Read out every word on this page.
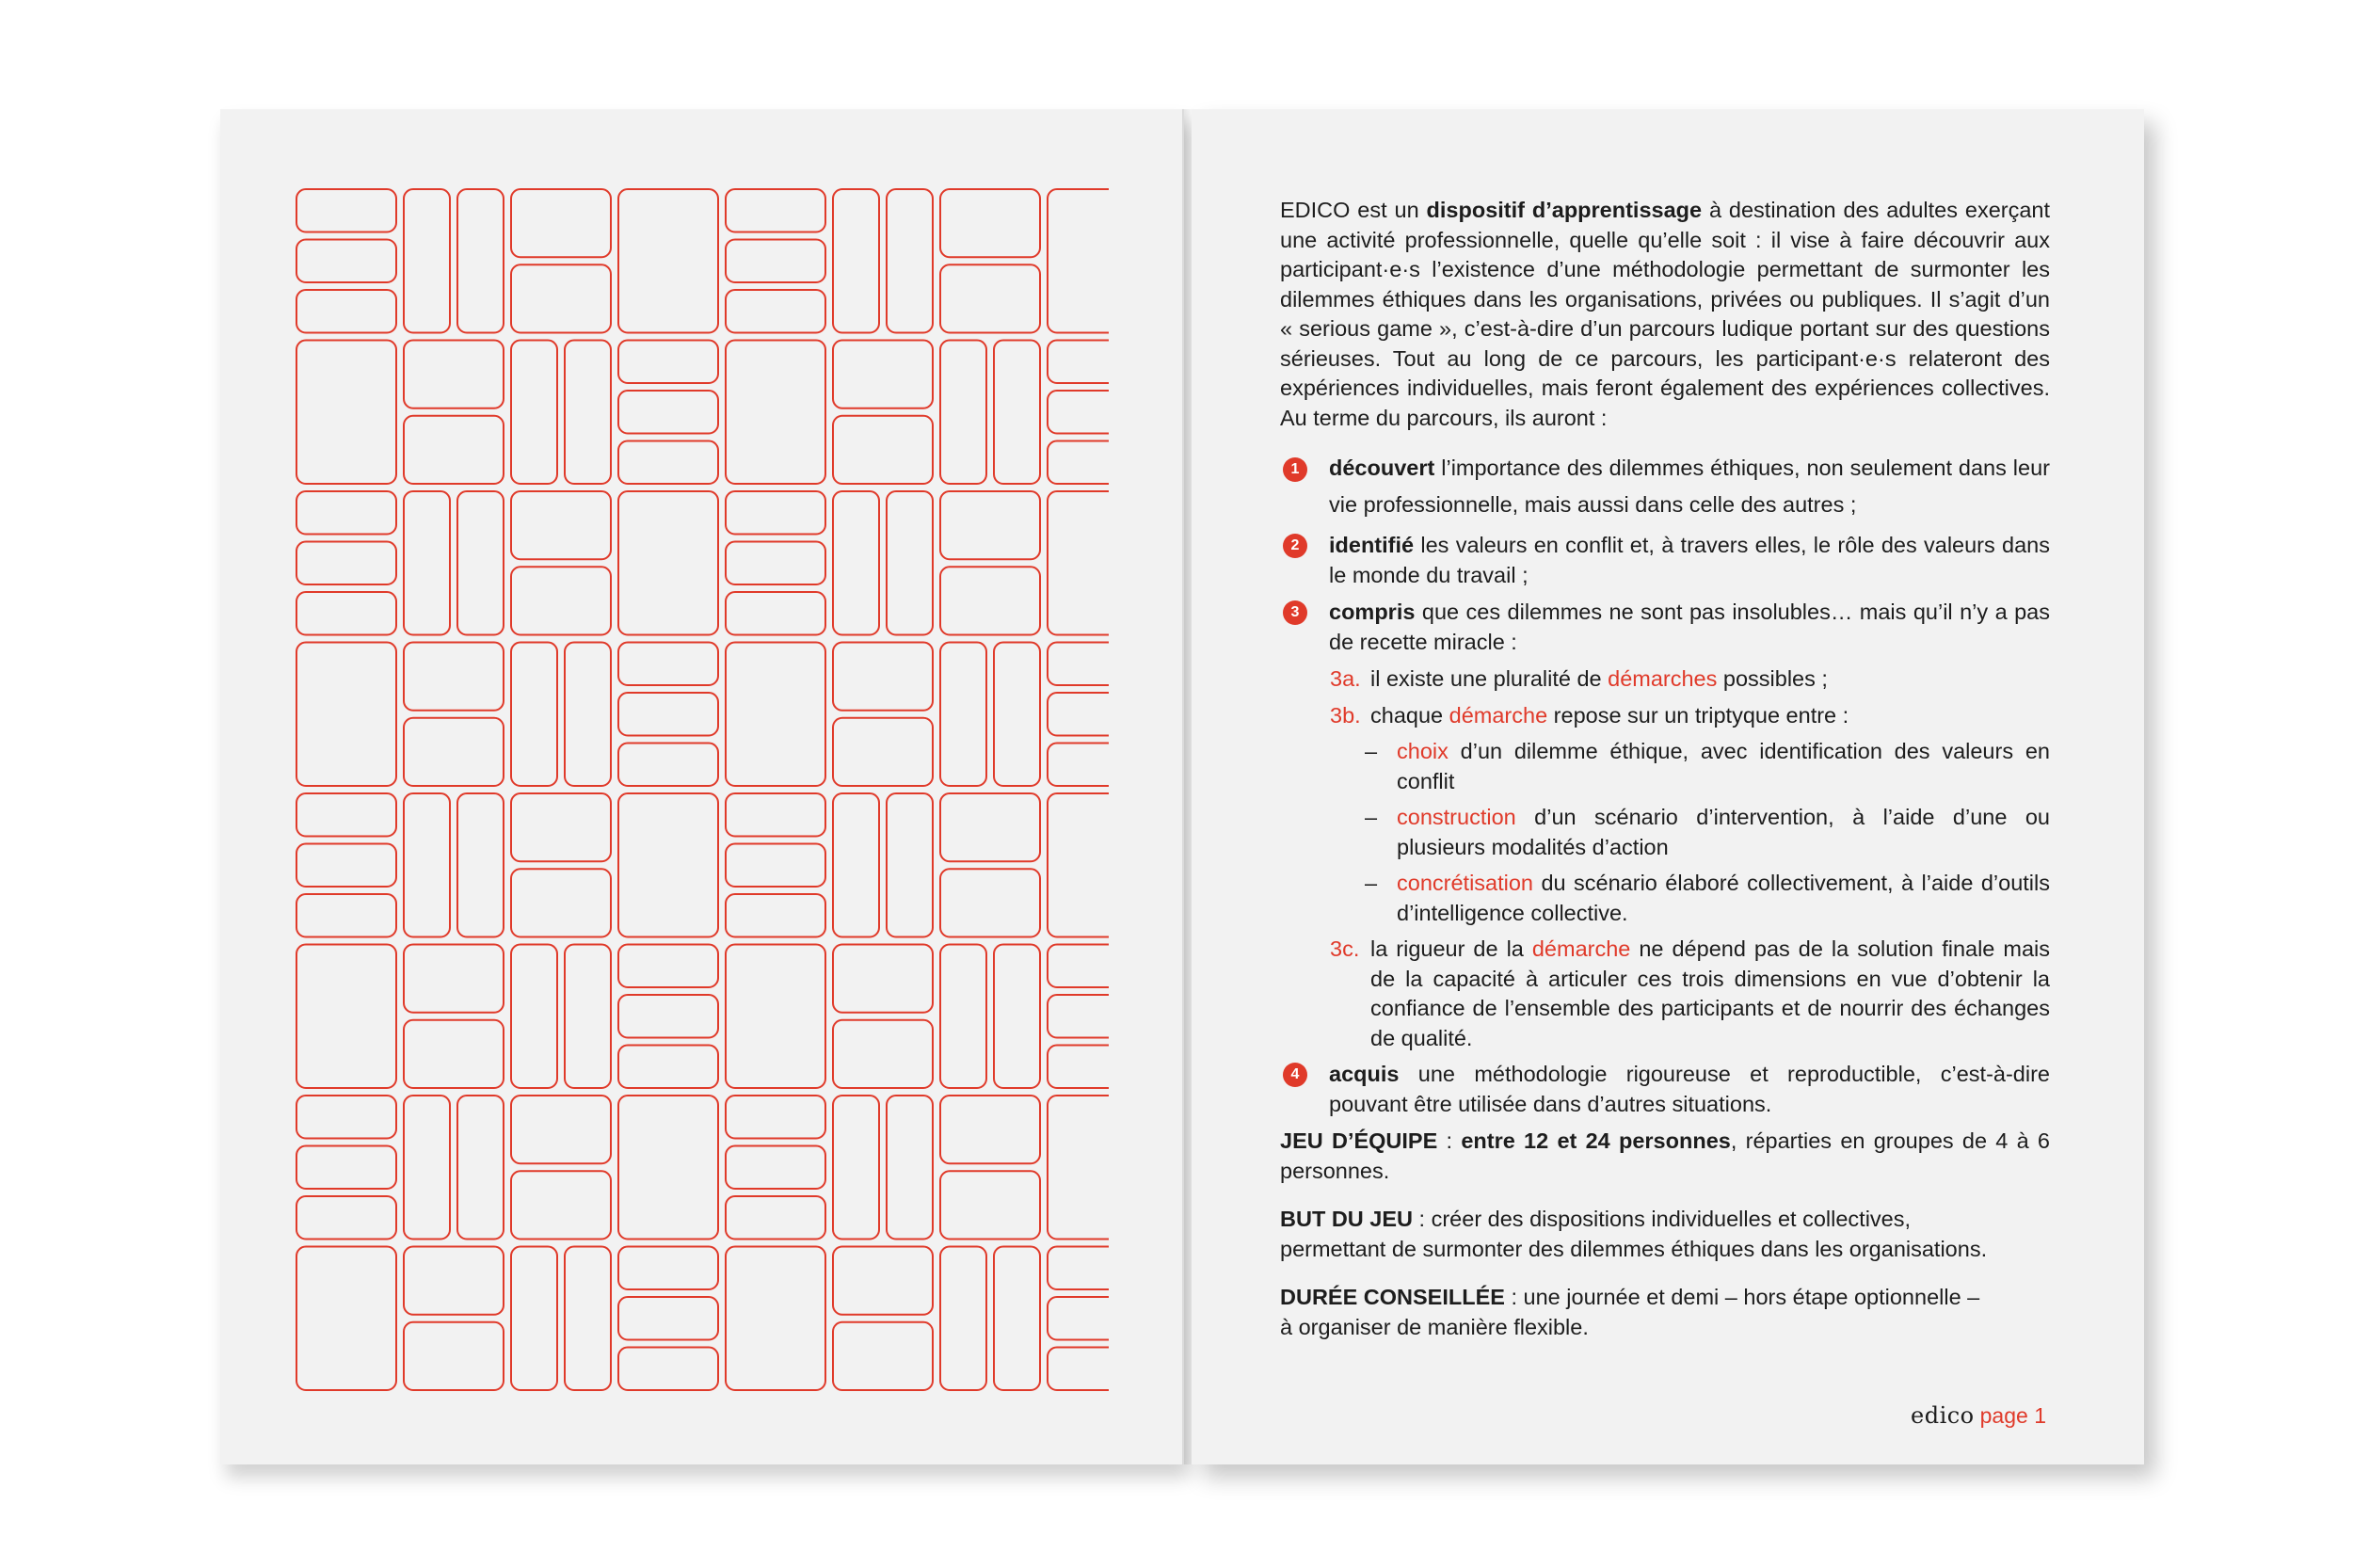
EDICO est un dispositif d’apprentissage à destination des adultes exerçant une activité professionnelle, quelle qu’elle soit : il vise à faire découvrir aux participant·e·s l’existence d’une méthodologie permettant de surmonter les dilemmes éthiques dans les organisations, privées ou publiques. Il s’agit d’un « serious game », c’est-à-dire d’un parcours ludique portant sur des questions sérieuses. Tout au long de ce parcours, les participant·e·s relateront des expériences individuelles, mais feront également des expériences collectives. Au terme du parcours, ils auront :

1	découvert l’importance des dilemmes éthiques, non seulement dans leur vie professionnelle, mais aussi dans celle des autres ;
2	identifié les valeurs en conflit et, à travers elles, le rôle des valeurs dans le monde du travail ;
3	compris que ces dilemmes ne sont pas insolubles… mais qu’il n’y a pas de recette miracle :
3a. il existe une pluralité de démarches possibles ;
3b. chaque démarche repose sur un triptyque entre :
– choix d’un dilemme éthique, avec identification des valeurs en conflit
– construction d’un scénario d’intervention, à l’aide d’une ou plusieurs modalités d’action
– concrétisation du scénario élaboré collectivement, à l’aide d’outils d’intelligence collective.
3c. la rigueur de la démarche ne dépend pas de la solution finale mais de la capacité à articuler ces trois dimensions en vue d’obtenir la confiance de l’ensemble des participants et de nourrir des échanges de qualité.
4	acquis une méthodologie rigoureuse et reproductible, c’est-à-dire pouvant être utilisée dans d’autres situations.

JEU D’ÉQUIPE : entre 12 et 24 personnes, réparties en groupes de 4 à 6 personnes.

BUT DU JEU : créer des dispositions individuelles et collectives,
permettant de surmonter des dilemmes éthiques dans les organisations.

DURÉE CONSEILLÉE : une journée et demi – hors étape optionnelle –
à organiser de manière flexible.

edico page 1
